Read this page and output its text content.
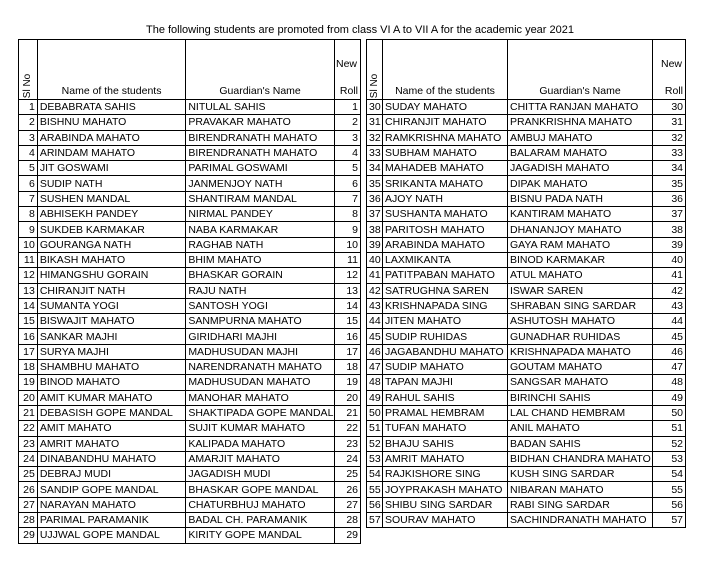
The following students are promoted from class VI A to VII A for the academic year 2021
Sl No	Name of the students	Guardian's Name	New
Roll

1	DEBABRATA SAHIS	NITULAL SAHIS	1
2	BISHNU MAHATO	PRAVAKAR MAHATO	2
3	ARABINDA MAHATO	BIRENDRANATH MAHATO	3
4	ARINDAM MAHATO	BIRENDRANATH MAHATO	4
5	JIT GOSWAMI	PARIMAL GOSWAMI	5
6	SUDIP NATH	JANMENJOY NATH	6
7	SUSHEN MANDAL	SHANTIRAM MANDAL	7
8	ABHISEKH PANDEY	NIRMAL PANDEY	8
9	SUKDEB KARMAKAR	NABA KARMAKAR	9
10	GOURANGA NATH	RAGHAB NATH	10
11	BIKASH MAHATO	BHIM MAHATO	11
12	HIMANGSHU GORAIN	BHASKAR GORAIN	12
13	CHIRANJIT NATH	RAJU NATH	13
14	SUMANTA YOGI	SANTOSH YOGI	14
15	BISWAJIT MAHATO	SANMPURNA MAHATO	15
16	SANKAR MAJHI	GIRIDHARI MAJHI	16
17	SURYA MAJHI	MADHUSUDAN MAJHI	17
18	SHAMBHU MAHATO	NARENDRANATH MAHATO	18
19	BINOD MAHATO	MADHUSUDAN MAHATO	19
20	AMIT KUMAR MAHATO	MANOHAR MAHATO	20
21	DEBASISH GOPE MANDAL	SHAKTIPADA GOPE MANDAL	21
22	AMIT MAHATO	SUJIT KUMAR MAHATO	22
23	AMRIT MAHATO	KALIPADA MAHATO	23
24	DINABANDHU MAHATO	AMARJIT MAHATO	24
25	DEBRAJ MUDI	JAGADISH MUDI	25
26	SANDIP GOPE MANDAL	BHASKAR GOPE MANDAL	26
27	NARAYAN MAHATO	CHATURBHUJ MAHATO	27
28	PARIMAL PARAMANIK	BADAL CH. PARAMANIK	28
29	UJJWAL GOPE MANDAL	KIRITY GOPE MANDAL	29
Sl No	Name of the students	Guardian's Name	New
Roll

30	SUDAY MAHATO	CHITTA RANJAN MAHATO	30
31	CHIRANJIT MAHATO	PRANKRISHNA MAHATO	31
32	RAMKRISHNA MAHATO	AMBUJ MAHATO	32
33	SUBHAM MAHATO	BALARAM MAHATO	33
34	MAHADEB MAHATO	JAGADISH MAHATO	34
35	SRIKANTA MAHATO	DIPAK MAHATO	35
36	AJOY NATH	BISNU PADA NATH	36
37	SUSHANTA MAHATO	KANTIRAM MAHATO	37
38	PARITOSH MAHATO	DHANANJOY MAHATO	38
39	ARABINDA MAHATO	GAYA RAM MAHATO	39
40	LAXMIKANTA	BINOD KARMAKAR	40
41	PATITPABAN MAHATO	ATUL MAHATO	41
42	SATRUGHNA SAREN	ISWAR SAREN	42
43	KRISHNAPADA SING	SHRABAN SING SARDAR	43
44	JITEN MAHATO	ASHUTOSH MAHATO	44
45	SUDIP RUHIDAS	GUNADHAR RUHIDAS	45
46	JAGABANDHU MAHATO	KRISHNAPADA MAHATO	46
47	SUDIP MAHATO	GOUTAM MAHATO	47
48	TAPAN MAJHI	SANGSAR MAHATO	48
49	RAHUL SAHIS	BIRINCHI SAHIS	49
50	PRAMAL HEMBRAM	LAL CHAND HEMBRAM	50
51	TUFAN MAHATO	ANIL MAHATO	51
52	BHAJU SAHIS	BADAN SAHIS	52
53	AMRIT MAHATO	BIDHAN CHANDRA MAHATO	53
54	RAJKISHORE SING	KUSH SING SARDAR	54
55	JOYPRAKASH MAHATO	NIBARAN MAHATO	55
56	SHIBU SING SARDAR	RABI SING SARDAR	56
57	SOURAV MAHATO	SACHINDRANATH MAHATO	57
